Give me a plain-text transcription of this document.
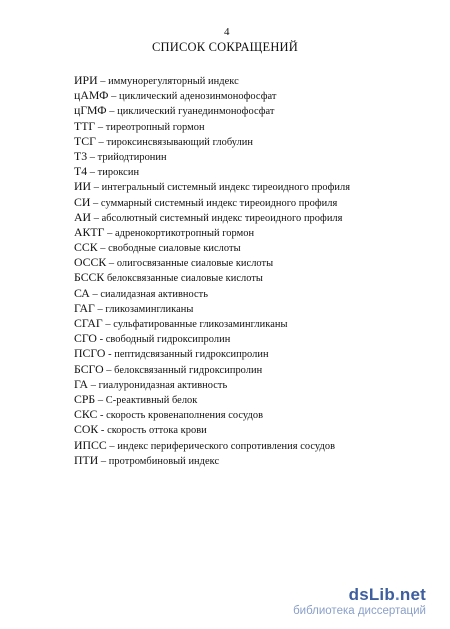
4
СПИСОК СОКРАЩЕНИЙ
ИРИ – иммунорегуляторный индекс
цАМФ – циклический аденозинмонофосфат
цГМФ – циклический гуанединмонофосфат
ТТГ – тиреотропный гормон
ТСГ – тироксинсвязывающий глобулин
Т3 – трийодтиронин
Т4 – тироксин
ИИ – интегральный системный индекс тиреоидного профиля
СИ – суммарный системный индекс тиреоидного профиля
АИ – абсолютный системный индекс тиреоидного профиля
АКТГ – адренокортикотропный гормон
ССК – свободные сиаловые кислоты
ОССК – олигосвязанные сиаловые кислоты
БССК белоксвязанные сиаловые кислоты
СА – сиалидазная активность
ГАГ – гликозамингликаны
СГАГ – сульфатированные гликозамингликаны
СГО - свободный гидроксипролин
ПСГО - пептидсвязанный гидроксипролин
БСГО – белоксвязанный гидроксипролин
ГА – гиалуронидазная активность
СРБ – С-реактивный белок
СКС - скорость кровенаполнения сосудов
СОК - скорость оттока крови
ИПСС – индекс периферического сопротивления сосудов
ПТИ – протромбиновый индекс
dsLib.net
библиотека диссертаций
